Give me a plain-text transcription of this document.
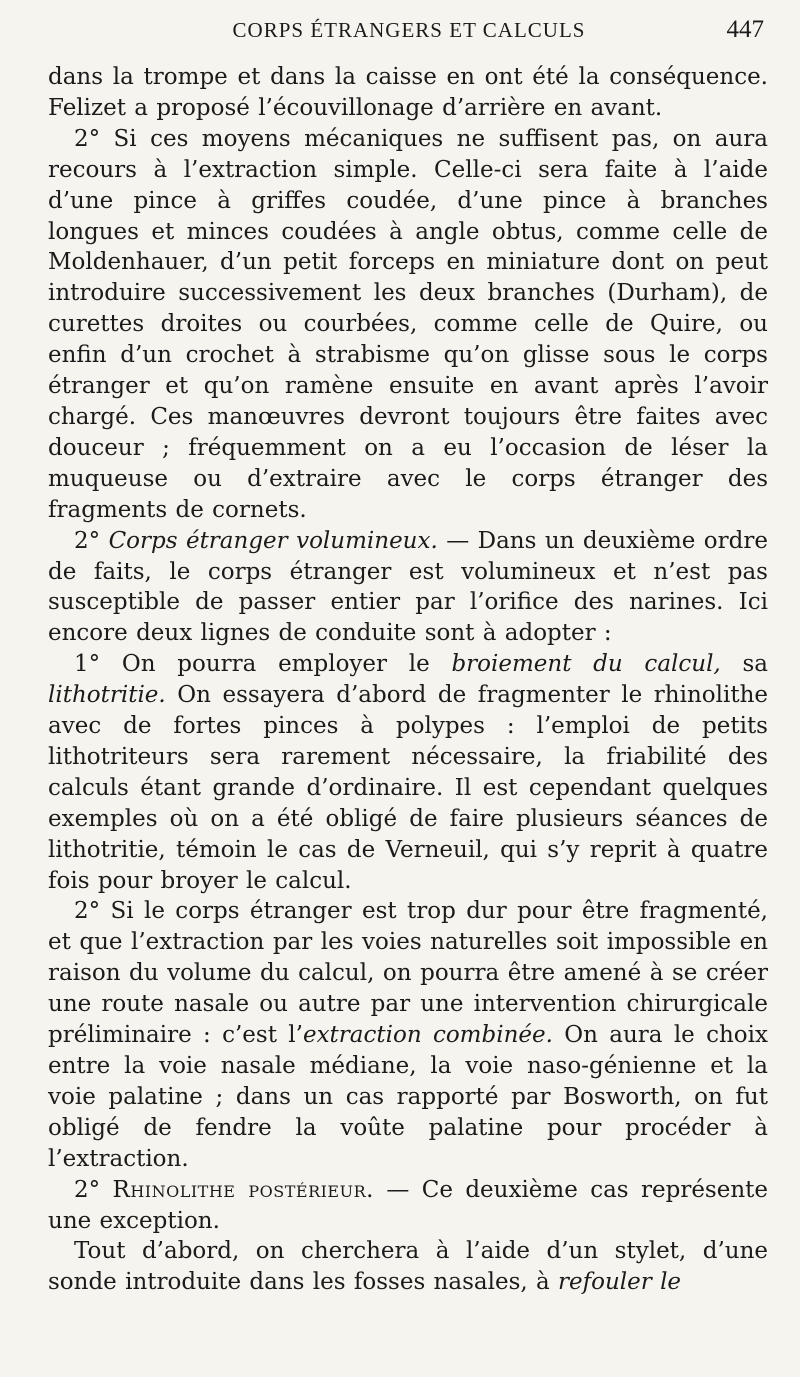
CORPS ÉTRANGERS ET CALCULS	447

dans la trompe et dans la caisse en ont été la conséquence. Felizet a proposé l’écouvillonage d’arrière en avant.

2° Si ces moyens mécaniques ne suffisent pas, on aura recours à l’extraction simple. Celle-ci sera faite à l’aide d’une pince à griffes coudée, d’une pince à branches longues et minces coudées à angle obtus, comme celle de Moldenhauer, d’un petit forceps en miniature dont on peut introduire successivement les deux branches (Durham), de curettes droites ou courbées, comme celle de Quire, ou enfin d’un crochet à strabisme qu’on glisse sous le corps étranger et qu’on ramène ensuite en avant après l’avoir chargé. Ces manœuvres devront toujours être faites avec douceur ; fréquemment on a eu l’occasion de léser la muqueuse ou d’extraire avec le corps étranger des fragments de cornets.

2° Corps étranger volumineux. — Dans un deuxième ordre de faits, le corps étranger est volumineux et n’est pas susceptible de passer entier par l’orifice des narines. Ici encore deux lignes de conduite sont à adopter :

1° On pourra employer le broiement du calcul, sa lithotritie. On essayera d’abord de fragmenter le rhinolithe avec de fortes pinces à polypes : l’emploi de petits lithotriteurs sera rarement nécessaire, la friabilité des calculs étant grande d’ordinaire. Il est cependant quelques exemples où on a été obligé de faire plusieurs séances de lithotritie, témoin le cas de Verneuil, qui s’y reprit à quatre fois pour broyer le calcul.

2° Si le corps étranger est trop dur pour être fragmenté, et que l’extraction par les voies naturelles soit impossible en raison du volume du calcul, on pourra être amené à se créer une route nasale ou autre par une intervention chirurgicale préliminaire : c’est l’extraction combinée. On aura le choix entre la voie nasale médiane, la voie naso-génienne et la voie palatine ; dans un cas rapporté par Bosworth, on fut obligé de fendre la voûte palatine pour procéder à l’extraction.

2° Rhinolithe postérieur. — Ce deuxième cas représente une exception.

Tout d’abord, on cherchera à l’aide d’un stylet, d’une sonde introduite dans les fosses nasales, à refouler le
